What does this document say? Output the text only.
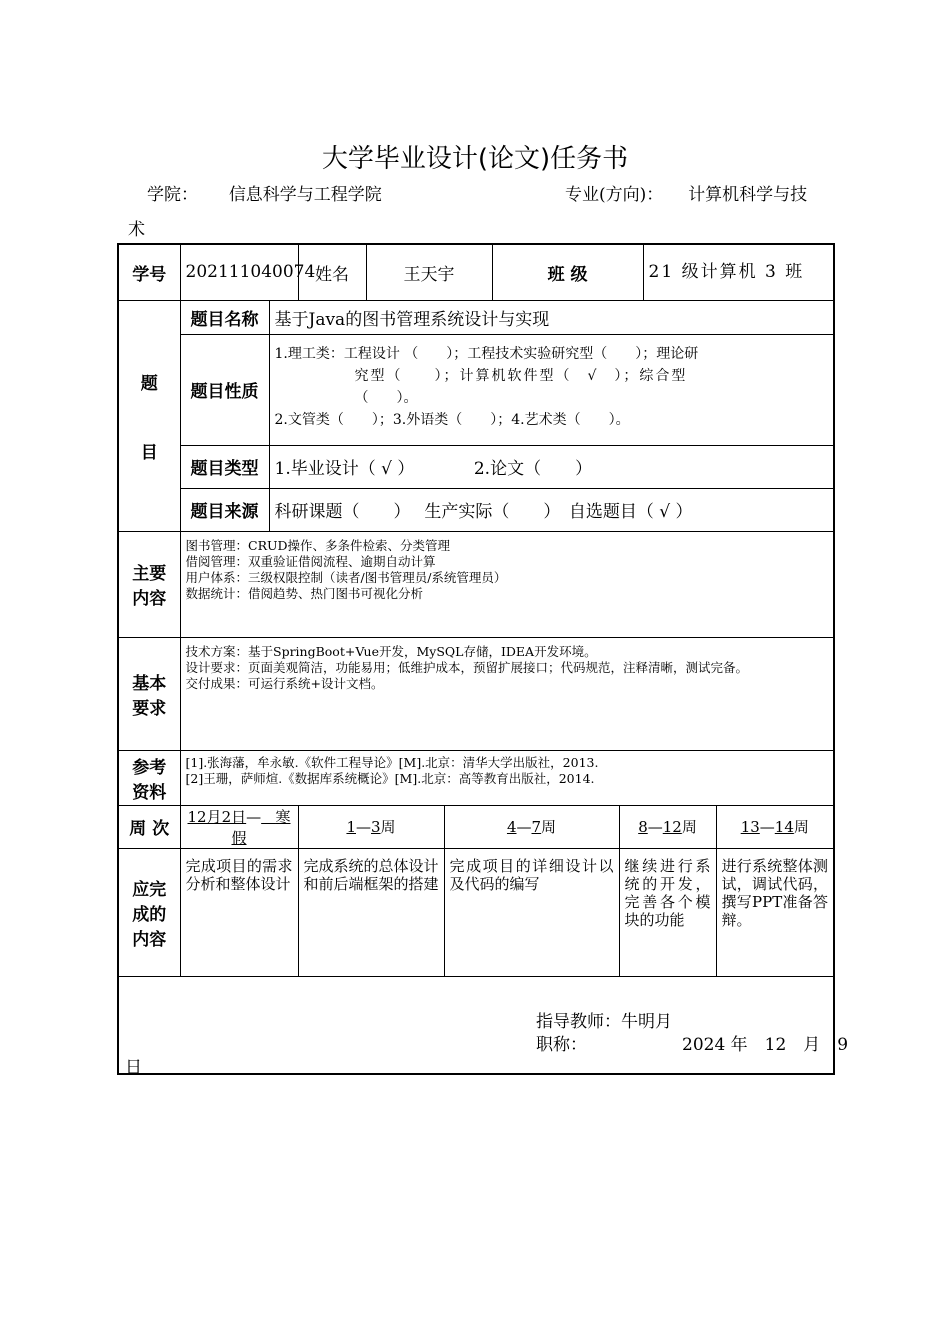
大学毕业设计(论文)任务书
学院： 信息科学与工程学院	专业(方向)： 计算机科学与技
术
学号	202111040074		姓名	王天宇		班 级		21 级计算机 3 班	

题
目	题目名称	基于Java的图书管理系统设计与实现							
	题目性质	1.理工类：工程设计 （　　）；工程技术实验研究型（　　）；理论研
究型（　　）；计算机软件型（　√　）；综合型
（　　）。
2.文管类（　　）；3.外语类（　　）；4.艺术类（　　）。							

	题目类型	1.毕业设计（ √ ）　　　　2.论文（　　）							
	题目来源	科研课题（　　）　 生产实际（　　）　自选题目（ √ ）							

主要
内容	图书管理：CRUD操作、多条件检索、分类管理
借阅管理：双重验证借阅流程、逾期自动计算
用户体系：三级权限控制（读者/图书管理员/系统管理员）
数据统计：借阅趋势、热门图书可视化分析								

基本
要求	技术方案：基于SpringBoot+Vue开发，MySQL存储，IDEA开发环境。
设计要求：页面美观简洁，功能易用；低维护成本，预留扩展接口；代码规范，注释清晰，测试完备。
交付成果：可运行系统+设计文档。								

参考
资料	[1].张海藩，牟永敏.《软件工程导论》[M].北京：清华大学出版社，2013.
[2]王珊，萨师煊.《数据库系统概论》[M].北京：高等教育出版社，2014.								

周 次	12月2日— 寒假		1—3周		4—7周		8—12周		13—14周

应完
成的
内容	完成项目的需求分析和整体设计		完成系统的总体设计和前后端框架的搭建		完成项目的详细设计以及代码的编写		继续进行系统的开发，完善各个模块的功能		进行系统整体测试，调试代码，撰写PPT准备答辩。

指导教师：牛明月
职称： 2024 年　12　月　9
日									
